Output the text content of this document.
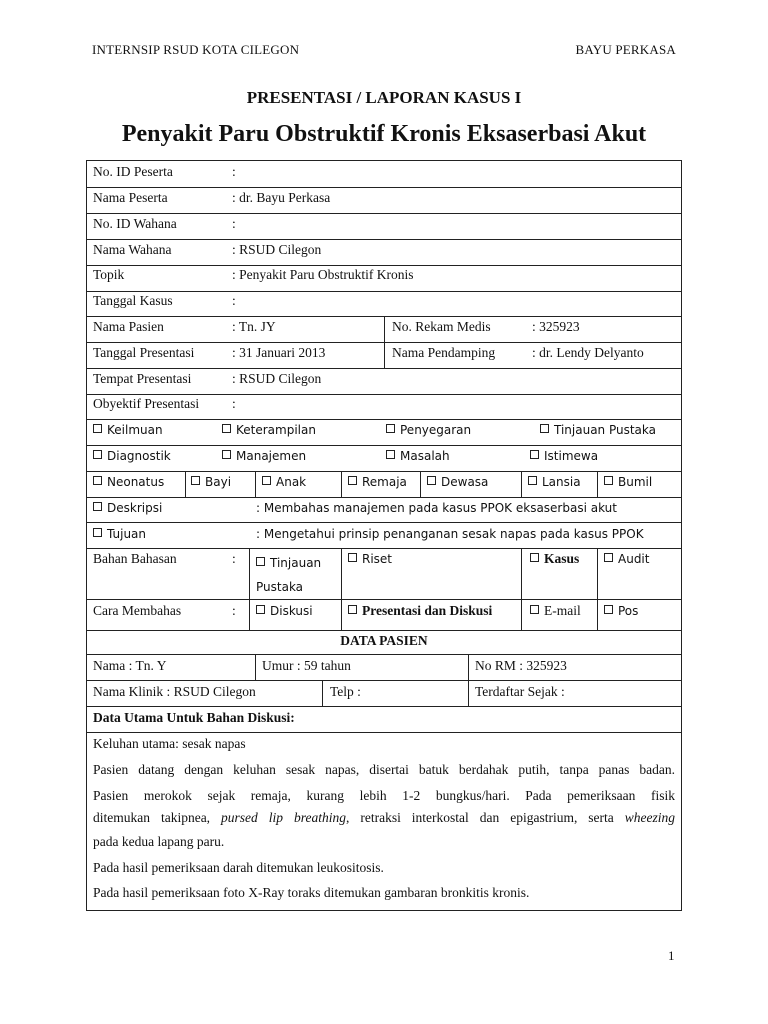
INTERNSIP RSUD KOTA CILEGON	BAYU PERKASA
PRESENTASI / LAPORAN KASUS I
Penyakit Paru Obstruktif Kronis Eksaserbasi Akut
No. ID Peserta	:
Nama Peserta	: dr. Bayu Perkasa
No. ID Wahana	:
Nama Wahana	: RSUD Cilegon
Topik	: Penyakit Paru Obstruktif Kronis
Tanggal Kasus	:
Nama Pasien	: Tn. JY	No. Rekam Medis	: 325923
Tanggal Presentasi	: 31 Januari 2013	Nama Pendamping	: dr. Lendy Delyanto
Tempat Presentasi	: RSUD Cilegon
Obyektif Presentasi :
Keilmuan	Keterampilan	Penyegaran	Tinjauan Pustaka
Diagnostik	Manajemen	Masalah	Istimewa
Neonatus	Bayi	Anak	Remaja	Dewasa	Lansia	Bumil
Deskripsi	: Membahas manajemen pada kasus PPOK eksaserbasi akut
Tujuan	: Mengetahui prinsip penanganan sesak napas pada kasus PPOK
Bahan Bahasan	:	Tinjauan
Pustaka
Riset	Kasus	Audit
Cara Membahas	:	Diskusi	Presentasi dan Diskusi	E-mail	Pos
DATA PASIEN
Nama : Tn. Y	Umur : 59 tahun	No RM : 325923
Nama Klinik : RSUD Cilegon	Telp :	Terdaftar Sejak :
Data Utama Untuk Bahan Diskusi:
Keluhan utama: sesak napas
Pasien datang dengan keluhan sesak napas, disertai batuk berdahak putih, tanpa panas badan.
Pasien merokok sejak remaja, kurang lebih 1-2 bungkus/hari. Pada pemeriksaan fisik
ditemukan takipnea, pursed lip breathing, retraksi interkostal dan epigastrium, serta wheezing
pada kedua lapang paru.
Pada hasil pemeriksaan darah ditemukan leukositosis.
Pada hasil pemeriksaan foto X-Ray toraks ditemukan gambaran bronkitis kronis.
1
